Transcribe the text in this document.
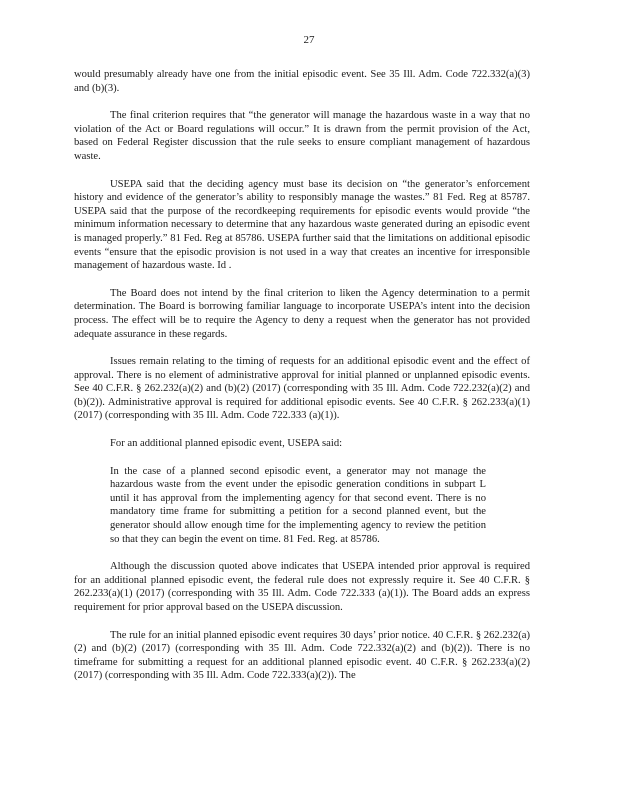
27

would presumably already have one from the initial episodic event. See 35 Ill. Adm. Code 722.332(a)(3) and (b)(3).

The final criterion requires that “the generator will manage the hazardous waste in a way that no violation of the Act or Board regulations will occur.” It is drawn from the permit provision of the Act, based on Federal Register discussion that the rule seeks to ensure compliant management of hazardous waste.

USEPA said that the deciding agency must base its decision on “the generator’s enforcement history and evidence of the generator’s ability to responsibly manage the wastes.” 81 Fed. Reg at 85787. USEPA said that the purpose of the recordkeeping requirements for episodic events would provide “the minimum information necessary to determine that any hazardous waste generated during an episodic event is managed properly.” 81 Fed. Reg at 85786. USEPA further said that the limitations on additional episodic events “ensure that the episodic provision is not used in a way that creates an incentive for irresponsible management of hazardous waste. Id .

The Board does not intend by the final criterion to liken the Agency determination to a permit determination. The Board is borrowing familiar language to incorporate USEPA’s intent into the decision process. The effect will be to require the Agency to deny a request when the generator has not provided adequate assurance in these regards.

Issues remain relating to the timing of requests for an additional episodic event and the effect of approval. There is no element of administrative approval for initial planned or unplanned episodic events. See 40 C.F.R. § 262.232(a)(2) and (b)(2) (2017) (corresponding with 35 Ill. Adm. Code 722.232(a)(2) and (b)(2)). Administrative approval is required for additional episodic events. See 40 C.F.R. § 262.233(a)(1) (2017) (corresponding with 35 Ill. Adm. Code 722.333 (a)(1)).

For an additional planned episodic event, USEPA said:

In the case of a planned second episodic event, a generator may not manage the hazardous waste from the event under the episodic generation conditions in subpart L until it has approval from the implementing agency for that second event. There is no mandatory time frame for submitting a petition for a second planned event, but the generator should allow enough time for the implementing agency to review the petition so that they can begin the event on time. 81 Fed. Reg. at 85786.

Although the discussion quoted above indicates that USEPA intended prior approval is required for an additional planned episodic event, the federal rule does not expressly require it. See 40 C.F.R. § 262.233(a)(1) (2017) (corresponding with 35 Ill. Adm. Code 722.333 (a)(1)). The Board adds an express requirement for prior approval based on the USEPA discussion.

The rule for an initial planned episodic event requires 30 days’ prior notice. 40 C.F.R. § 262.232(a)(2) and (b)(2) (2017) (corresponding with 35 Ill. Adm. Code 722.332(a)(2) and (b)(2)). There is no timeframe for submitting a request for an additional planned episodic event. 40 C.F.R. § 262.233(a)(2) (2017) (corresponding with 35 Ill. Adm. Code 722.333(a)(2)). The
